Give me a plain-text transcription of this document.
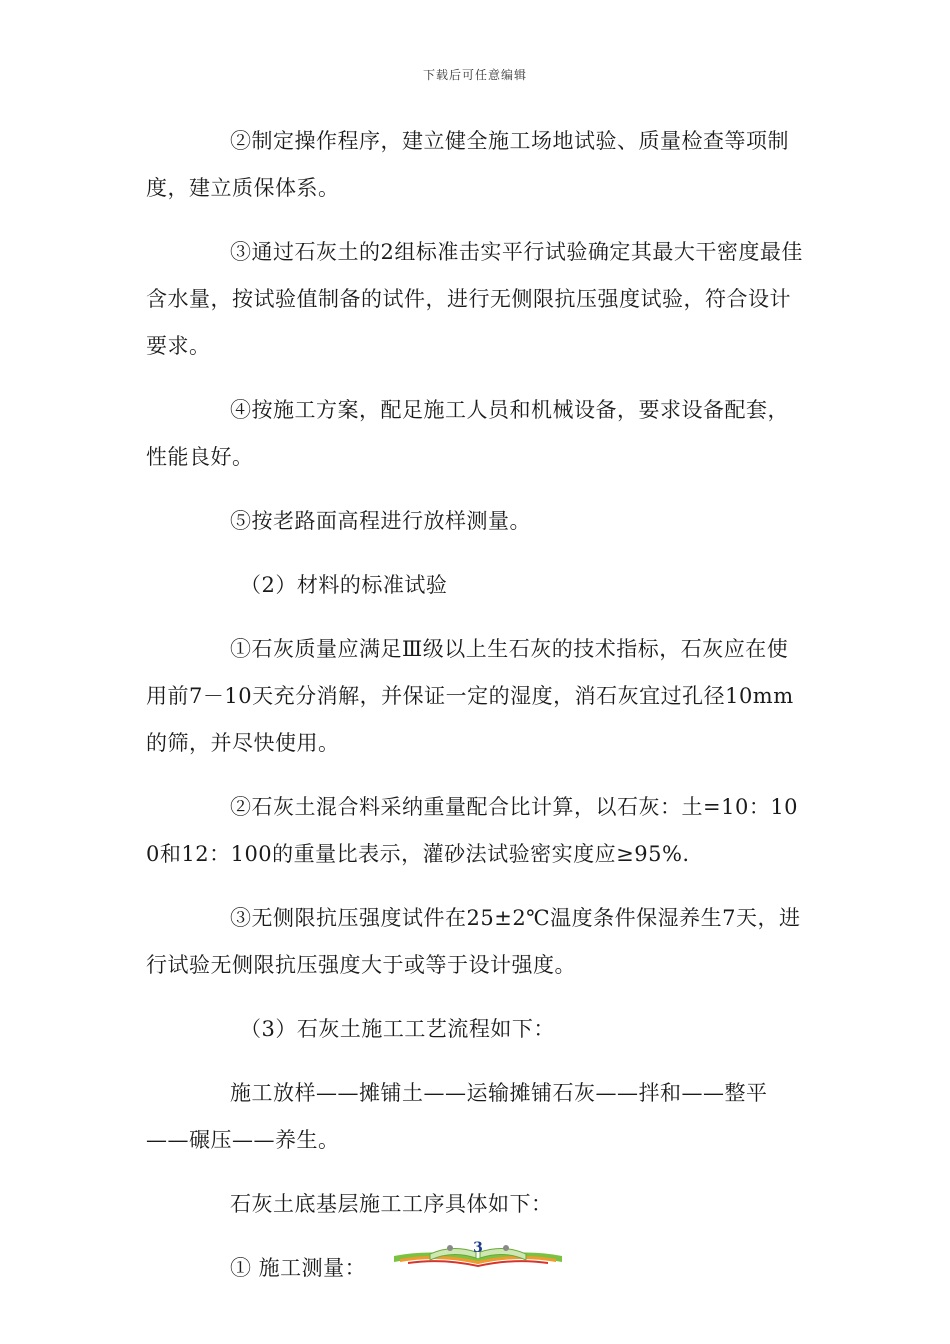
下载后可任意编辑

②制定操作程序，建立健全施工场地试验、质量检查等项制度，建立质保体系。

③通过石灰土的2组标准击实平行试验确定其最大干密度最佳含水量，按试验值制备的试件，进行无侧限抗压强度试验，符合设计要求。

④按施工方案，配足施工人员和机械设备，要求设备配套，性能良好。

⑤按老路面高程进行放样测量。

（2）材料的标准试验

①石灰质量应满足Ⅲ级以上生石灰的技术指标，石灰应在使用前7－10天充分消解，并保证一定的湿度，消石灰宜过孔径10mm的筛，并尽快使用。

②石灰土混合料采纳重量配合比计算，以石灰：土=10：100和12：100的重量比表示，灌砂法试验密实度应≥95%.

③无侧限抗压强度试件在25±2℃温度条件保湿养生7天，进行试验无侧限抗压强度大于或等于设计强度。

（3）石灰土施工工艺流程如下：

施工放样——摊铺土——运输摊铺石灰——拌和——整平——碾压——养生。

石灰土底基层施工工序具体如下：

① 施工测量：

3
